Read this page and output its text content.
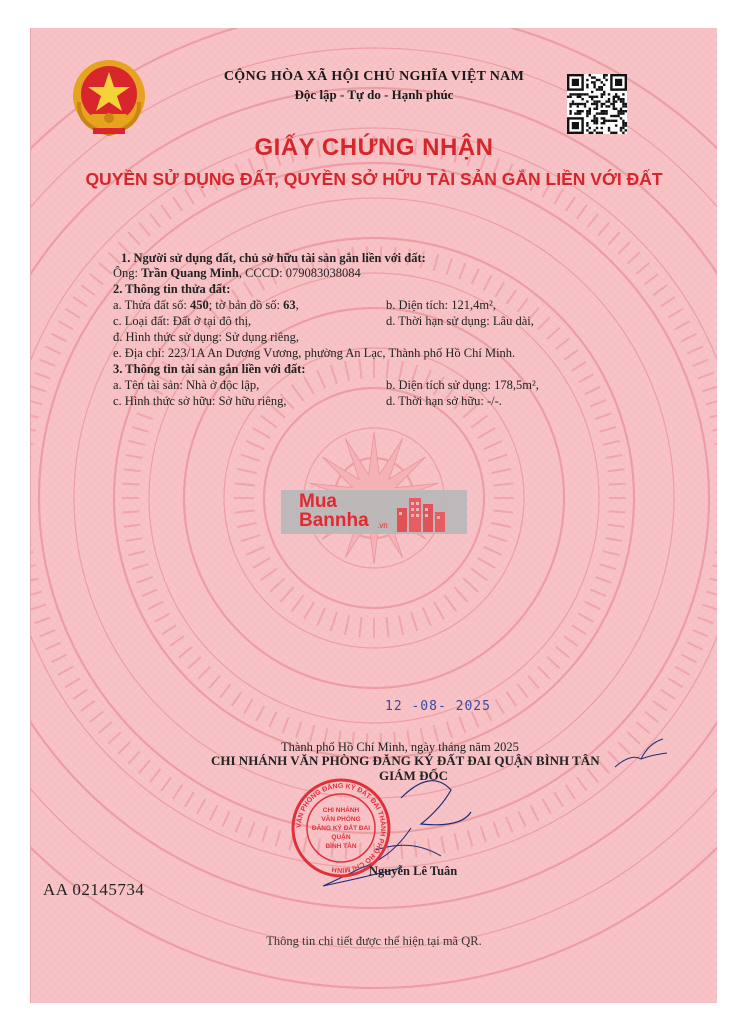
CỘNG HÒA XÃ HỘI CHỦ NGHĨA VIỆT NAM
Độc lập - Tự do - Hạnh phúc
GIẤY CHỨNG NHẬN
QUYỀN SỬ DỤNG ĐẤT, QUYỀN SỞ HỮU TÀI SẢN GẮN LIỀN VỚI ĐẤT
1. Người sử dụng đất, chủ sở hữu tài sản gắn liền với đất:
Ông: Trần Quang Minh, CCCD: 079083038084
2. Thông tin thửa đất:
a. Thửa đất số: 450; tờ bản đồ số: 63,	b. Diện tích: 121,4m²,
c. Loại đất: Đất ở tại đô thị,	d. Thời hạn sử dụng: Lâu dài,
đ. Hình thức sử dụng: Sử dụng riêng,
e. Địa chỉ: 223/1A An Dương Vương, phường An Lạc, Thành phố Hồ Chí Minh.
3. Thông tin tài sản gắn liền với đất:
a. Tên tài sản: Nhà ở độc lập,	b. Diện tích sử dụng: 178,5m²,
c. Hình thức sở hữu: Sở hữu riêng,	d. Thời hạn sở hữu: -/-.
Mua
Bannha .vn
12 -08- 2025
Thành phố Hồ Chí Minh, ngày tháng năm 2025
CHI NHÁNH VĂN PHÒNG ĐĂNG KÝ ĐẤT ĐAI QUẬN BÌNH TÂN
GIÁM ĐỐC
VĂN PHÒNG ĐĂNG KÝ ĐẤT ĐAI THÀNH PHỐ HỒ CHÍ MINH
CHI NHÁNH
VĂN PHÒNG
ĐĂNG KÝ ĐẤT ĐAI
QUẬN
BÌNH TÂN
Nguyễn Lê Tuân
AA 02145734
Thông tin chi tiết được thể hiện tại mã QR.
